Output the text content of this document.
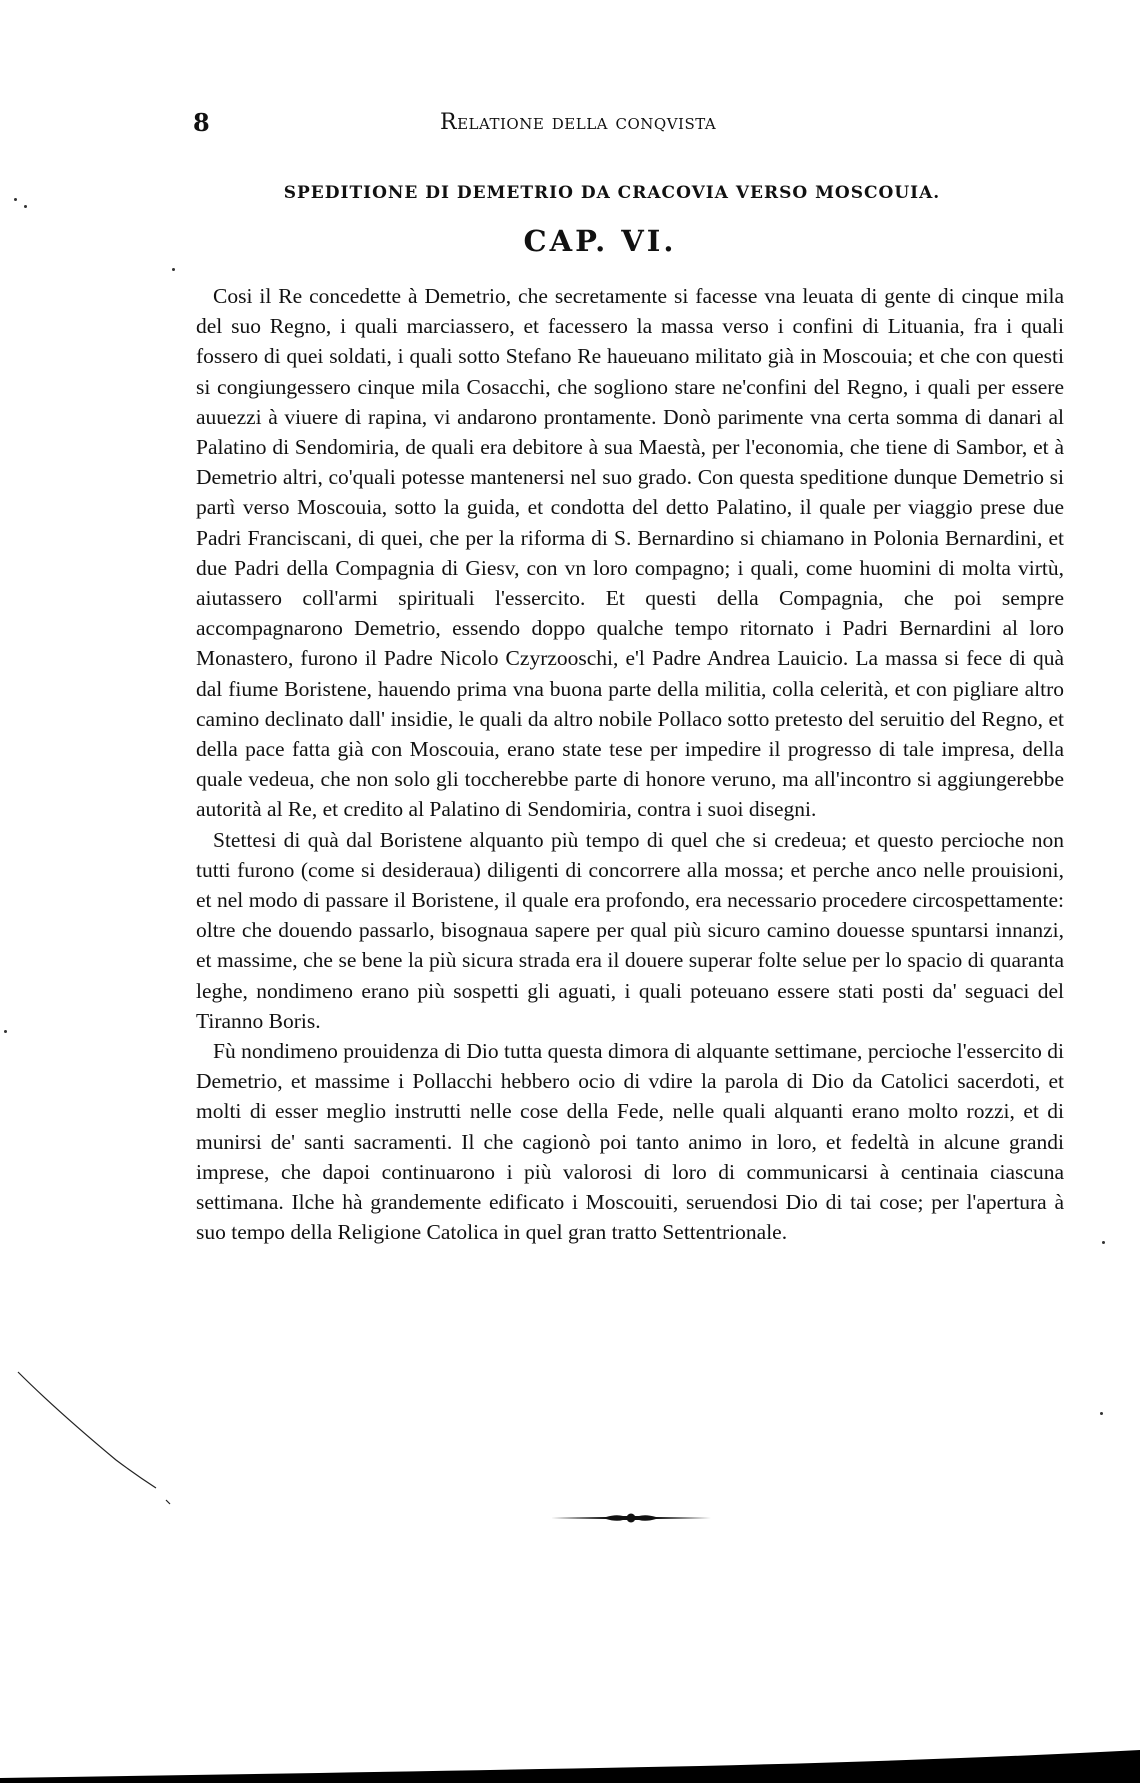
8	Relatione della conqvista
SPEDITIONE DI DEMETRIO DA CRACOVIA VERSO MOSCOUIA.
CAP. VI.

Cosi il Re concedette à Demetrio, che secretamente si facesse vna leuata di gente di cinque mila del suo Regno, i quali marciassero, et facessero la massa verso i confini di Lituania, fra i quali fossero di quei soldati, i quali sotto Stefano Re haueuano militato già in Moscouia; et che con questi si congiungessero cinque mila Cosacchi, che sogliono stare ne'confini del Regno, i quali per essere auuezzi à viuere di rapina, vi andarono prontamente. Donò parimente vna certa somma di danari al Palatino di Sendomiria, de quali era debitore à sua Maestà, per l'economia, che tiene di Sambor, et à Demetrio altri, co'quali potesse mantenersi nel suo grado. Con questa speditione dunque Demetrio si partì verso Moscouia, sotto la guida, et condotta del detto Palatino, il quale per viaggio prese due Padri Franciscani, di quei, che per la riforma di S. Bernardino si chiamano in Polonia Bernardini, et due Padri della Compagnia di Giesv, con vn loro compagno; i quali, come huomini di molta virtù, aiutassero coll'armi spirituali l'essercito. Et questi della Compagnia, che poi sempre accompagnarono Demetrio, essendo doppo qualche tempo ritornato i Padri Bernardini al loro Monastero, furono il Padre Nicolo Czyrzooschi, e'l Padre Andrea Lauicio. La massa si fece di quà dal fiume Boristene, hauendo prima vna buona parte della militia, colla celerità, et con pigliare altro camino declinato dall' insidie, le quali da altro nobile Pollaco sotto pretesto del seruitio del Regno, et della pace fatta già con Moscouia, erano state tese per impedire il progresso di tale impresa, della quale vedeua, che non solo gli toccherebbe parte di honore veruno, ma all'incontro si aggiungerebbe autorità al Re, et credito al Palatino di Sendomiria, contra i suoi disegni.

Stettesi di quà dal Boristene alquanto più tempo di quel che si credeua; et questo percioche non tutti furono (come si desideraua) diligenti di concorrere alla mossa; et perche anco nelle prouisioni, et nel modo di passare il Boristene, il quale era profondo, era necessario procedere circospettamente: oltre che douendo passarlo, bisognaua sapere per qual più sicuro camino douesse spuntarsi innanzi, et massime, che se bene la più sicura strada era il douere superar folte selue per lo spacio di quaranta leghe, nondimeno erano più sospetti gli aguati, i quali poteuano essere stati posti da' seguaci del Tiranno Boris.

Fù nondimeno prouidenza di Dio tutta questa dimora di alquante settimane, percioche l'essercito di Demetrio, et massime i Pollacchi hebbero ocio di vdire la parola di Dio da Catolici sacerdoti, et molti di esser meglio instrutti nelle cose della Fede, nelle quali alquanti erano molto rozzi, et di munirsi de' santi sacramenti. Il che cagionò poi tanto animo in loro, et fedeltà in alcune grandi imprese, che dapoi continuarono i più valorosi di loro di communicarsi à centinaia ciascuna settimana. Ilche hà grandemente edificato i Moscouiti, seruendosi Dio di tai cose; per l'apertura à suo tempo della Religione Catolica in quel gran tratto Settentrionale.
